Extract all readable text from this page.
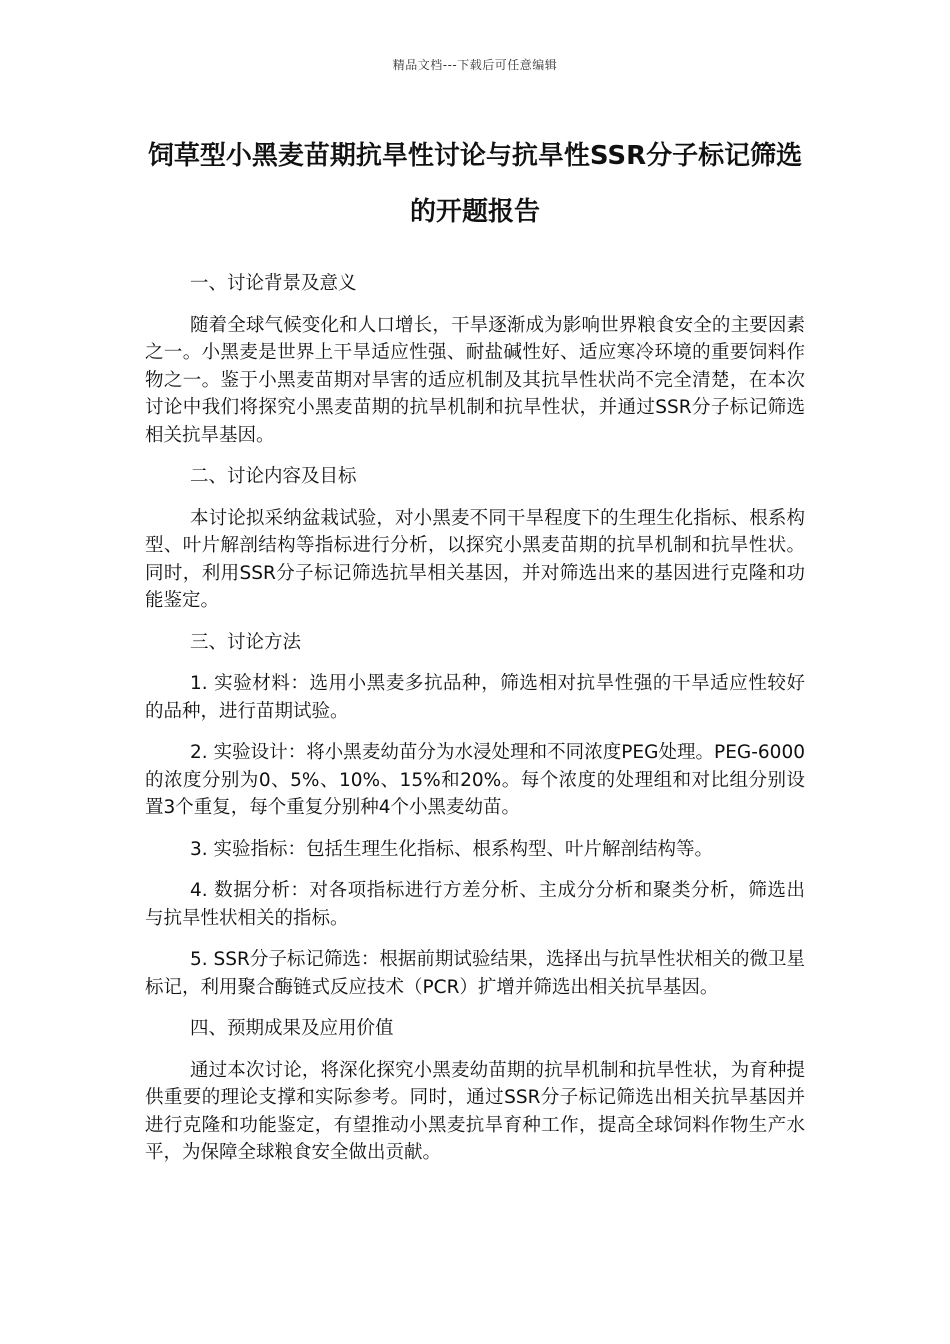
精品文档---下载后可任意编辑
饲草型小黑麦苗期抗旱性讨论与抗旱性SSR分子标记筛选的开题报告

一、讨论背景及意义

随着全球气候变化和人口增长，干旱逐渐成为影响世界粮食安全的主要因素之一。小黑麦是世界上干旱适应性强、耐盐碱性好、适应寒冷环境的重要饲料作物之一。鉴于小黑麦苗期对旱害的适应机制及其抗旱性状尚不完全清楚，在本次讨论中我们将探究小黑麦苗期的抗旱机制和抗旱性状，并通过SSR分子标记筛选相关抗旱基因。

二、讨论内容及目标

本讨论拟采纳盆栽试验，对小黑麦不同干旱程度下的生理生化指标、根系构型、叶片解剖结构等指标进行分析，以探究小黑麦苗期的抗旱机制和抗旱性状。同时，利用SSR分子标记筛选抗旱相关基因，并对筛选出来的基因进行克隆和功能鉴定。

三、讨论方法

1. 实验材料：选用小黑麦多抗品种，筛选相对抗旱性强的干旱适应性较好的品种，进行苗期试验。

2. 实验设计：将小黑麦幼苗分为水浸处理和不同浓度PEG处理。PEG-6000的浓度分别为0、5%、10%、15%和20%。每个浓度的处理组和对比组分别设置3个重复，每个重复分别种4个小黑麦幼苗。

3. 实验指标：包括生理生化指标、根系构型、叶片解剖结构等。

4. 数据分析：对各项指标进行方差分析、主成分分析和聚类分析，筛选出与抗旱性状相关的指标。

5. SSR分子标记筛选：根据前期试验结果，选择出与抗旱性状相关的微卫星标记，利用聚合酶链式反应技术（PCR）扩增并筛选出相关抗旱基因。

四、预期成果及应用价值

通过本次讨论，将深化探究小黑麦幼苗期的抗旱机制和抗旱性状，为育种提供重要的理论支撑和实际参考。同时，通过SSR分子标记筛选出相关抗旱基因并进行克隆和功能鉴定，有望推动小黑麦抗旱育种工作，提高全球饲料作物生产水平，为保障全球粮食安全做出贡献。
